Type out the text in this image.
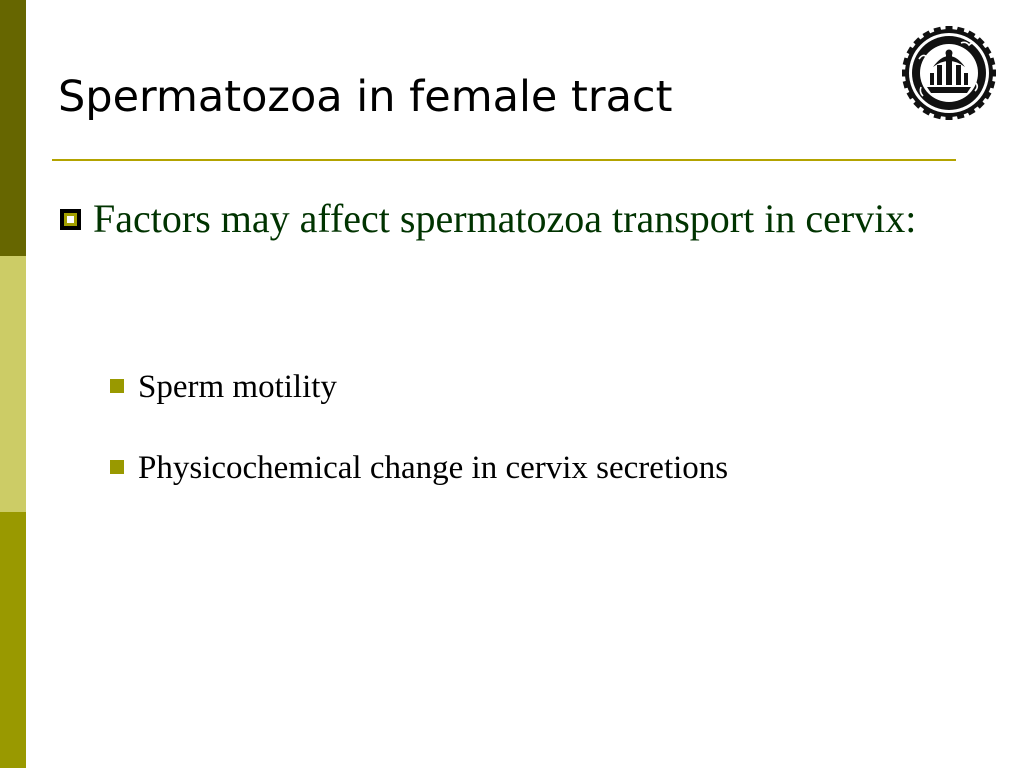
Spermatozoa in female tract

Factors may affect spermatozoa transport in cervix:

Sperm motility

Physicochemical change in cervix secretions
